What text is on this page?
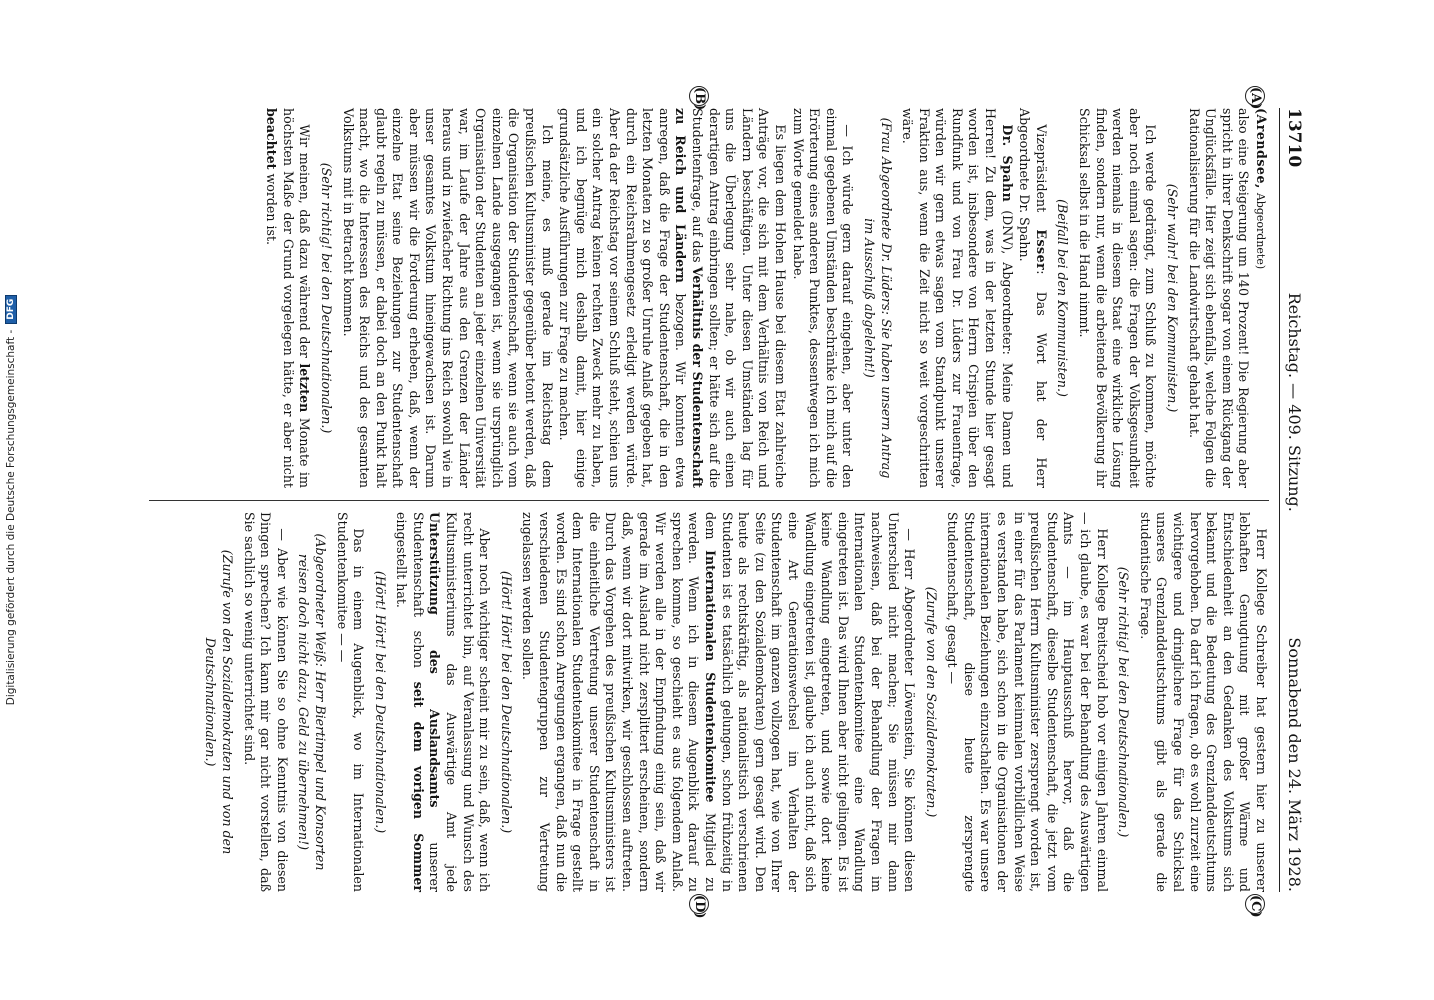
Digitalisierung gefördert durch die Deutsche Forschungsgemeinschaft -
DFG
13710
Reichstag. — 409. Sitzung.
Sonnabend den 24. März 1928.
(A)
(B)

(Arendsee, Abgeordnete)
also eine Steigerung um 140 Prozent! Die Regierung aber spricht in ihrer Denkschrift sogar von einem Rückgang der Unglücksfälle. Hier zeigt sich ebenfalls, welche Folgen die Rationalisierung für die Landwirtschaft gehabt hat.

(Sehr wahr! bei den Kommunisten.)

Ich werde gedrängt, zum Schluß zu kommen, möchte aber noch einmal sagen: die Fragen der Volksgesundheit werden niemals in diesem Staat eine wirkliche Lösung finden, sondern nur, wenn die arbeitende Bevölkerung ihr Schicksal selbst in die Hand nimmt.

(Beifall bei den Kommunisten.)

Vizepräsident Esser: Das Wort hat der Herr Abgeordnete Dr. Spahn.

Dr. Spahn (DNV), Abgeordneter: Meine Damen und Herren! Zu dem, was in der letzten Stunde hier gesagt worden ist, insbesondere von Herrn Crispien über den Rundfunk und von Frau Dr. Lüders zur Frauenfrage, würden wir gern etwas sagen vom Standpunkt unserer Fraktion aus, wenn die Zeit nicht so weit vorgeschritten wäre.

(Frau Abgeordnete Dr. Lüders: Sie haben unsern Antrag im Ausschuß abgelehnt!)

— Ich würde gern darauf eingehen, aber unter den einmal gegebenen Umständen beschränke ich mich auf die Erörterung eines anderen Punktes, dessentwegen ich mich zum Worte gemeldet habe.

Es liegen dem Hohen Hause bei diesem Etat zahlreiche Anträge vor, die sich mit dem Verhältnis von Reich und Ländern beschäftigen. Unter diesen Umständen lag für uns die Überlegung sehr nahe, ob wir auch einen derartigen Antrag einbringen sollten; er hätte sich auf die Studentenfrage, auf das Verhältnis der Studentenschaft zu Reich und Ländern bezogen. Wir konnten etwa anregen, daß die Frage der Studentenschaft, die in den letzten Monaten zu so großer Unruhe Anlaß gegeben hat, durch ein Reichsrahmengesetz erledigt werden würde. Aber da der Reichstag vor seinem Schluß steht, schien uns ein solcher Antrag keinen rechten Zweck mehr zu haben, und ich begnüge mich deshalb damit, hier einige grundsätzliche Ausführungen zur Frage zu machen.

Ich meine, es muß gerade im Reichstag dem preußischen Kultusminister gegenüber betont werden, daß die Organisation der Studentenschaft, wenn sie auch vom einzelnen Lande ausgegangen ist, wenn sie ursprünglich Organisation der Studenten an jeder einzelnen Universität war, im Laufe der Jahre aus den Grenzen der Länder heraus und in zwiefacher Richtung ins Reich sowohl wie in unser gesamtes Volkstum hineingewachsen ist. Darum aber müssen wir die Forderung erheben, daß, wenn der einzelne Etat seine Beziehungen zur Studentenschaft glaubt regeln zu müssen, er dabei doch an den Punkt halt macht, wo die Interessen des Reichs und des gesamten Volkstums mit in Betracht kommen.

(Sehr richtig! bei den Deutschnationalen.)

Wir meinen, daß dazu während der letzten Monate im höchsten Maße der Grund vorgelegen hätte, er aber nicht beachtet worden ist.

(C)
(D)

Herr Kollege Schreiber hat gestern hier zu unserer lebhaften Genugtuung mit großer Wärme und Entschiedenheit an den Gedanken des Volkstums sich bekannt und die Bedeutung des Grenzlanddeutschtums hervorgehoben. Da darf ich fragen, ob es wohl zurzeit eine wichtigere und dringlichere Frage für das Schicksal unseres Grenzlanddeutschtums gibt als gerade die studentische Frage.

(Sehr richtig! bei den Deutschnationalen.)

Herr Kollege Breitscheid hob vor einigen Jahren einmal — ich glaube, es war bei der Behandlung des Auswärtigen Amts — im Hauptausschuß hervor, daß die Studentenschaft, dieselbe Studentenschaft, die jetzt vom preußischen Herrn Kultusminister zersprengt worden ist, in einer für das Parlament keinmalen vorbildlichen Weise es verstanden habe, sich schon in die Organisationen der internationalen Beziehungen einzuschalten. Es war unsere Studentenschaft, diese heute zersprengte Studentenschaft, gesagt —

(Zurufe von den Sozialdemokraten.)

— Herr Abgeordneter Löwenstein, Sie können diesen Unterschied nicht machen; Sie müssen mir dann nachweisen, daß bei der Behandlung der Fragen im Internationalen Studentenkomitee eine Wandlung eingetreten ist. Das wird Ihnen aber nicht gelingen. Es ist keine Wandlung eingetreten, und sowie dort keine Wandlung eingetreten ist, glaube ich auch nicht, daß sich eine Art Generationswechsel im Verhalten der Studentenschaft im ganzen vollzogen hat, wie von Ihrer Seite (zu den Sozialdemokraten) gern gesagt wird. Den heute als rechtskräftig, als nationalistisch verschrienen Studenten ist es tatsächlich gelungen, schon frühzeitig in dem Internationalen Studentenkomitee Mitglied zu werden. Wenn ich in diesem Augenblick darauf zu sprechen komme, so geschieht es aus folgendem Anlaß. Wir werden alle in der Empfindung einig sein, daß wir gerade im Ausland nicht zersplittert erscheinen, sondern daß, wenn wir dort mitwirken, wir geschlossen auftreten. Durch das Vorgehen des preußischen Kultusministers ist die einheitliche Vertretung unserer Studentenschaft in dem Internationalen Studentenkomitee in Frage gestellt worden. Es sind schon Anregungen ergangen, daß nun die verschiedenen Studentengruppen zur Vertretung zugelassen werden sollen.

(Hört! Hört! bei den Deutschnationalen.)

Aber noch wichtiger scheint mir zu sein, daß, wenn ich recht unterrichtet bin, auf Veranlassung und Wunsch des Kultusministeriums das Auswärtige Amt jede Unterstützung des Auslandsamts unserer Studentenschaft schon seit dem vorigen Sommer eingestellt hat.

(Hört! Hört! bei den Deutschnationalen.)

Das in einem Augenblick, wo im Internationalen Studentenkomitee — —

(Abgeordneter Weiß: Herr Biertimpel und Konsorten reisen doch nicht dazu, Geld zu übernehmen!)

— Aber wie können Sie so ohne Kenntnis von diesen Dingen sprechen? Ich kann mir gar nicht vorstellen, daß Sie sachlich so wenig unterrichtet sind.

(Zurufe von den Sozialdemokraten und von den Deutschnationalen.)
